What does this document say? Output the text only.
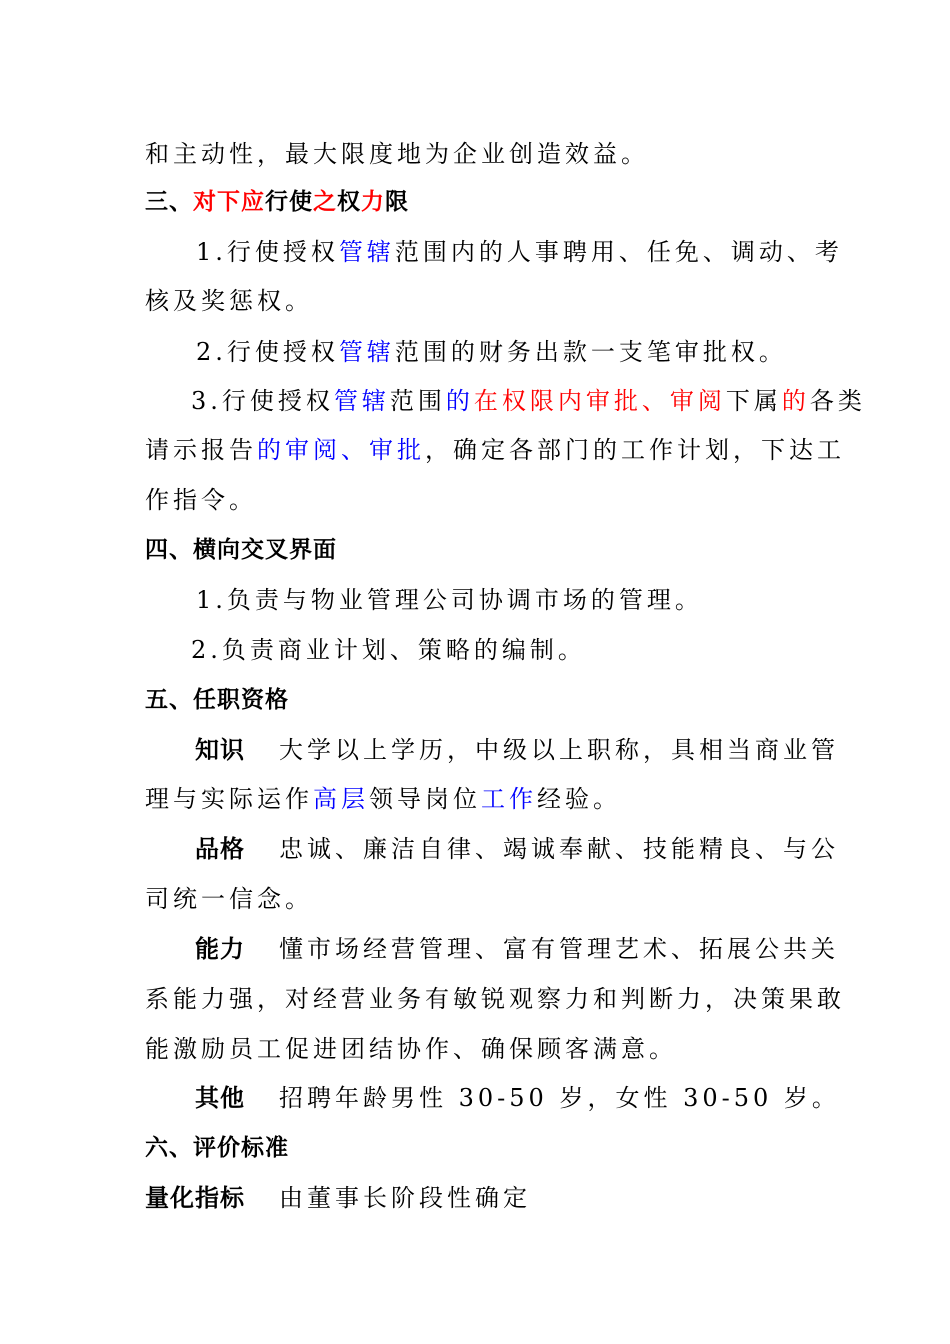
和主动性，最大限度地为企业创造效益。
三、对下应行使之权力限
1.行使授权管辖范围内的人事聘用、任免、调动、考
核及奖惩权。
2.行使授权管辖范围的财务出款一支笔审批权。
3.行使授权管辖范围的在权限内审批、审阅下属的各类
请示报告的审阅、审批，确定各部门的工作计划，下达工
作指令。
四、横向交叉界面
1.负责与物业管理公司协调市场的管理。
2.负责商业计划、策略的编制。
五、任职资格
知识 大学以上学历，中级以上职称，具相当商业管
理与实际运作高层领导岗位工作经验。
品格 忠诚、廉洁自律、竭诚奉献、技能精良、与公
司统一信念。
能力 懂市场经营管理、富有管理艺术、拓展公共关
系能力强，对经营业务有敏锐观察力和判断力，决策果敢
能激励员工促进团结协作、确保顾客满意。
其他 招聘年龄男性 30-50 岁，女性 30-50 岁。
六、评价标准
量化指标 由董事长阶段性确定
